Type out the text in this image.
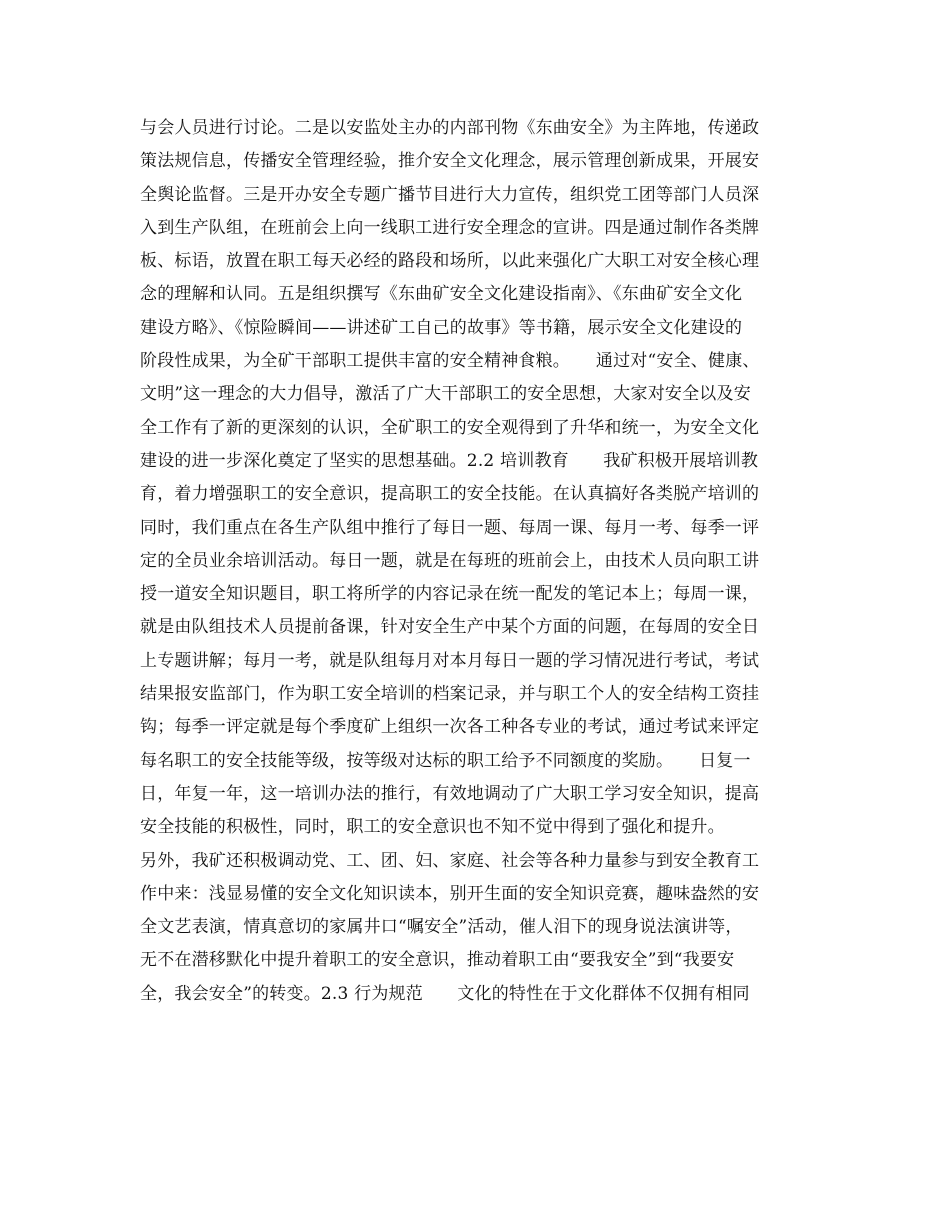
与会人员进行讨论。二是以安监处主办的内部刊物《东曲安全》为主阵地，传递政
策法规信息，传播安全管理经验，推介安全文化理念，展示管理创新成果，开展安
全舆论监督。三是开办安全专题广播节目进行大力宣传，组织党工团等部门人员深
入到生产队组，在班前会上向一线职工进行安全理念的宣讲。四是通过制作各类牌
板、标语，放置在职工每天必经的路段和场所，以此来强化广大职工对安全核心理
念的理解和认同。五是组织撰写《东曲矿安全文化建设指南》、《东曲矿安全文化
建设方略》、《惊险瞬间——讲述矿工自己的故事》等书籍，展示安全文化建设的
阶段性成果，为全矿干部职工提供丰富的安全精神食粮。　　通过对“安全、健康、
文明”这一理念的大力倡导，激活了广大干部职工的安全思想，大家对安全以及安
全工作有了新的更深刻的认识，全矿职工的安全观得到了升华和统一，为安全文化
建设的进一步深化奠定了坚实的思想基础。2.2 培训教育　　我矿积极开展培训教
育，着力增强职工的安全意识，提高职工的安全技能。在认真搞好各类脱产培训的
同时，我们重点在各生产队组中推行了每日一题、每周一课、每月一考、每季一评
定的全员业余培训活动。每日一题，就是在每班的班前会上，由技术人员向职工讲
授一道安全知识题目，职工将所学的内容记录在统一配发的笔记本上；每周一课，
就是由队组技术人员提前备课，针对安全生产中某个方面的问题，在每周的安全日
上专题讲解；每月一考，就是队组每月对本月每日一题的学习情况进行考试，考试
结果报安监部门，作为职工安全培训的档案记录，并与职工个人的安全结构工资挂
钩；每季一评定就是每个季度矿上组织一次各工种各专业的考试，通过考试来评定
每名职工的安全技能等级，按等级对达标的职工给予不同额度的奖励。　　日复一
日，年复一年，这一培训办法的推行，有效地调动了广大职工学习安全知识，提高
安全技能的积极性，同时，职工的安全意识也不知不觉中得到了强化和提升。　　
另外，我矿还积极调动党、工、团、妇、家庭、社会等各种力量参与到安全教育工
作中来：浅显易懂的安全文化知识读本，别开生面的安全知识竞赛，趣味盎然的安
全文艺表演，情真意切的家属井口“嘱安全”活动，催人泪下的现身说法演讲等，
无不在潜移默化中提升着职工的安全意识，推动着职工由“要我安全”到“我要安
全，我会安全”的转变。2.3 行为规范　　文化的特性在于文化群体不仅拥有相同
